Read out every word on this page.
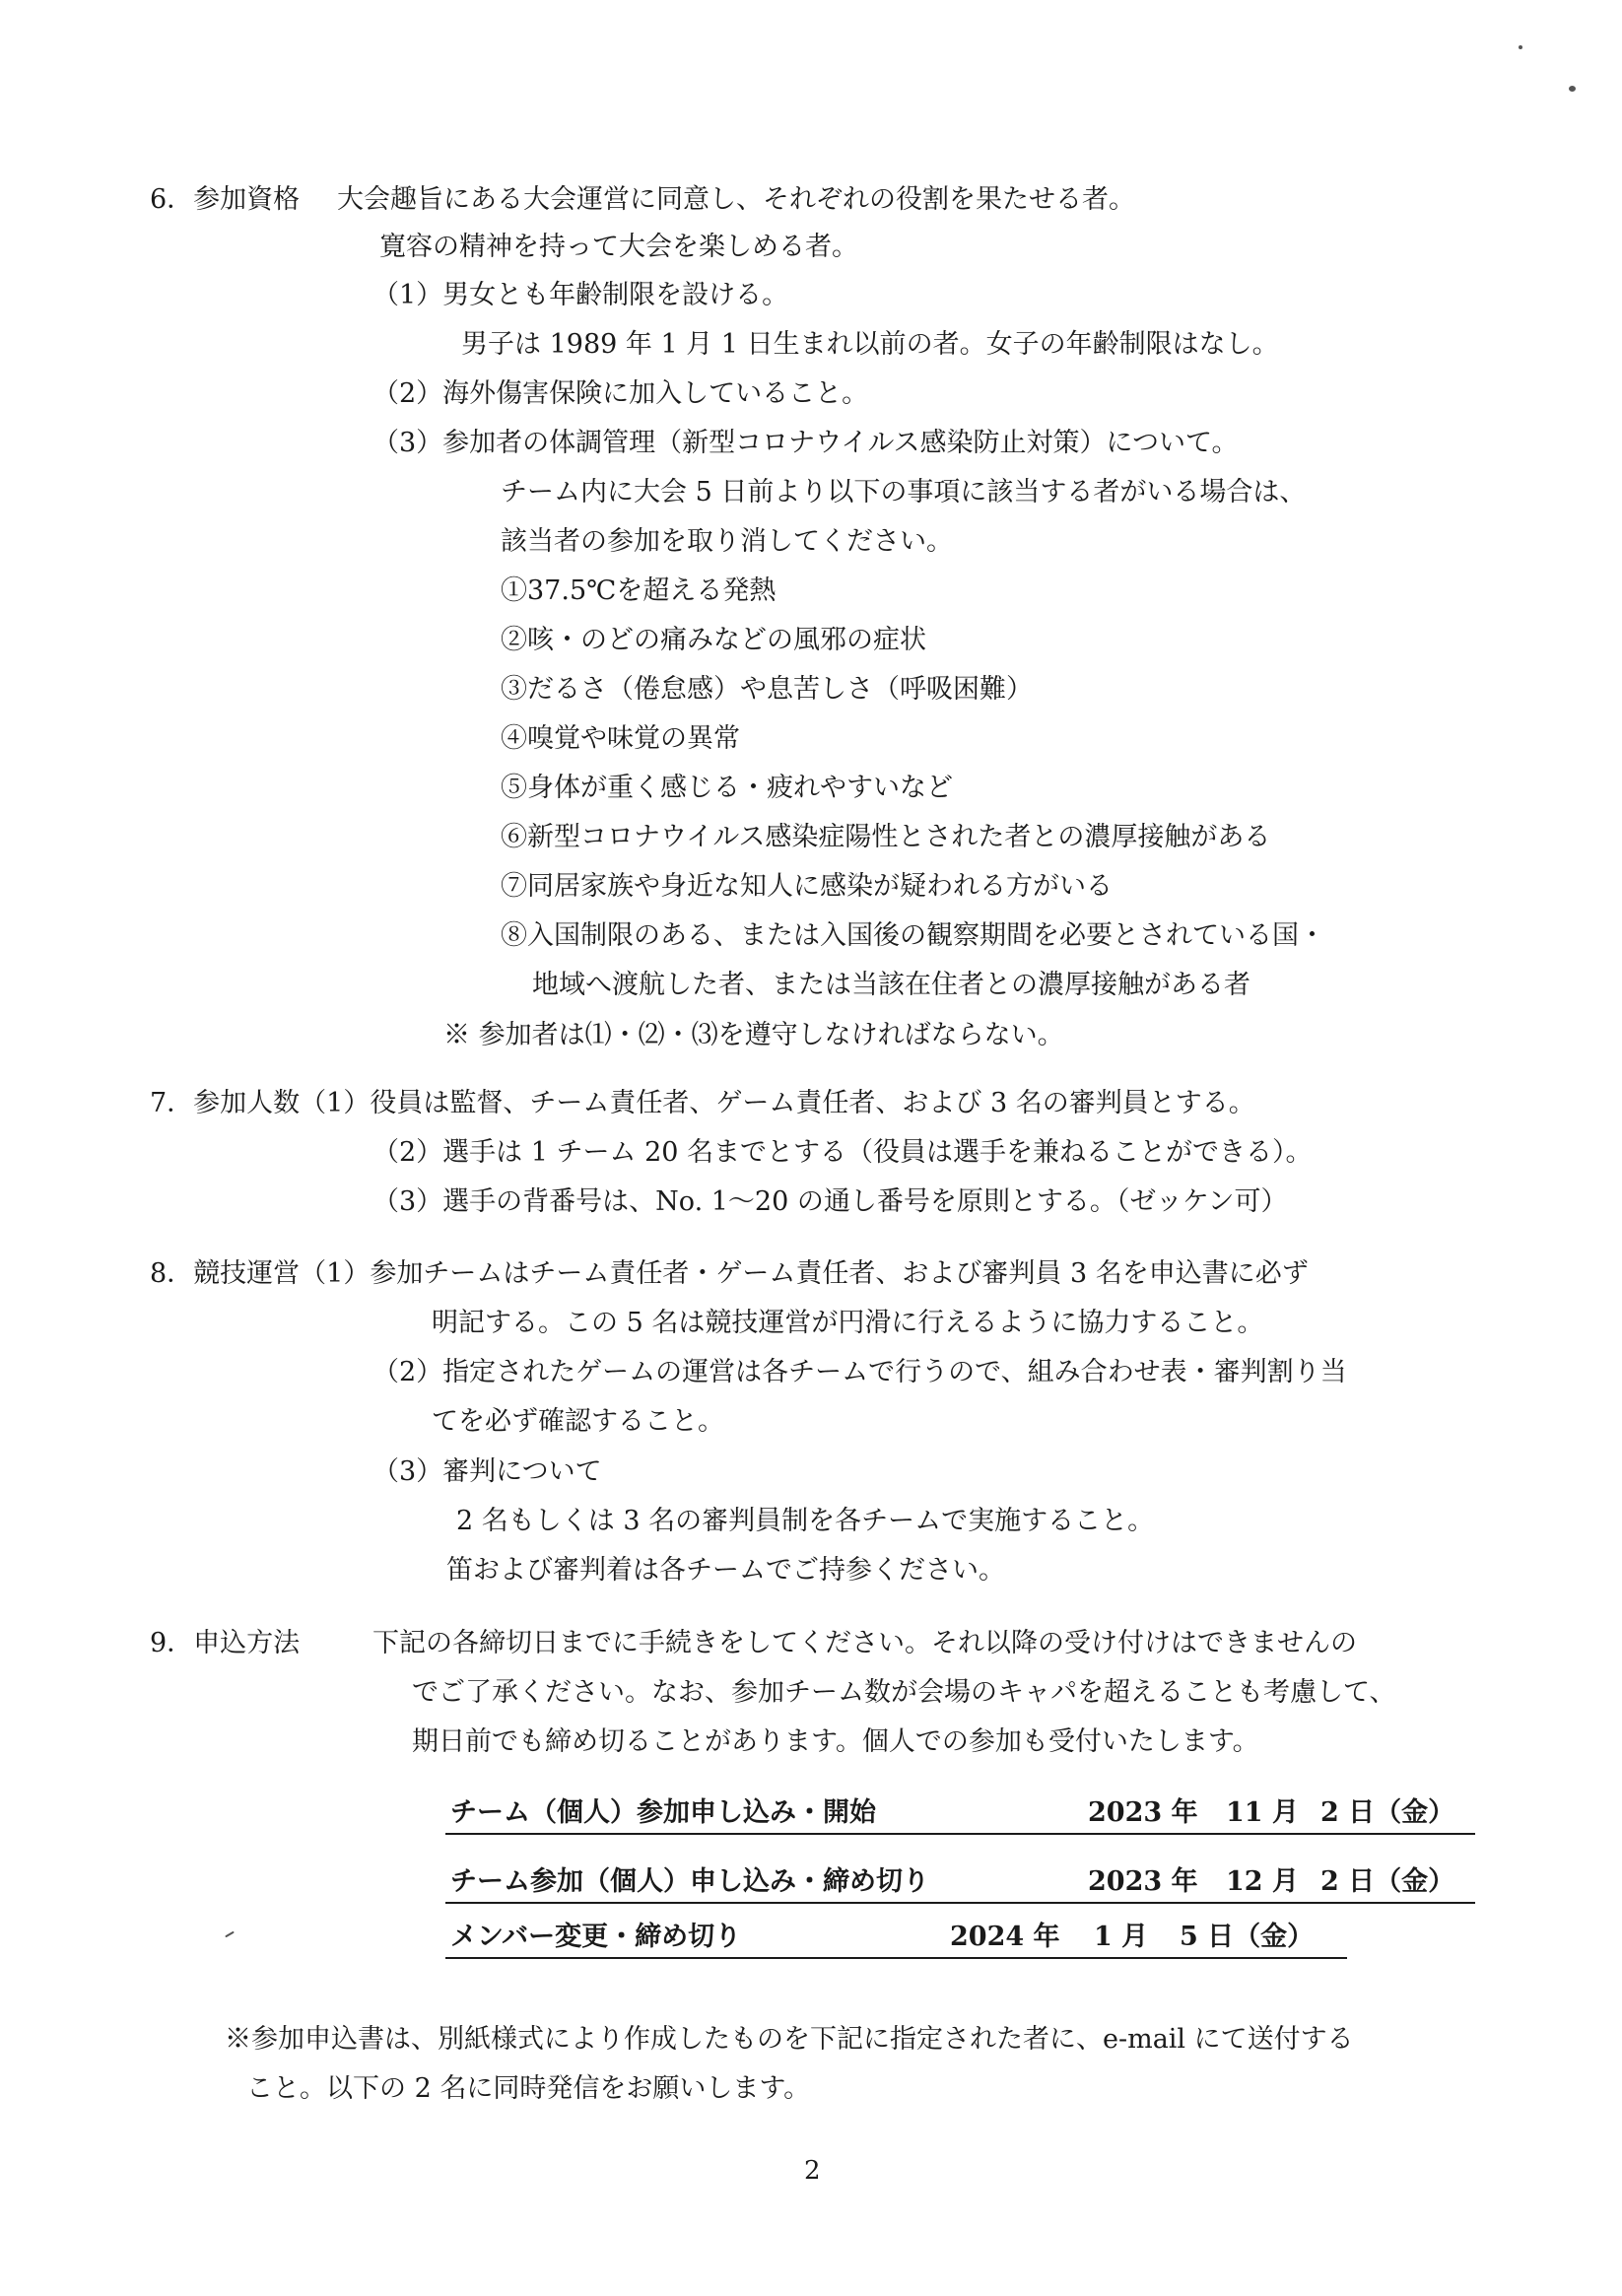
6．参加資格 大会趣旨にある大会運営に同意し、それぞれの役割を果たせる者。
寛容の精神を持って大会を楽しめる者。
（1）男女とも年齢制限を設ける。
男子は 1989 年 1 月 1 日生まれ以前の者。女子の年齢制限はなし。
（2）海外傷害保険に加入していること。
（3）参加者の体調管理（新型コロナウイルス感染防止対策）について。
チーム内に大会 5 日前より以下の事項に該当する者がいる場合は、
該当者の参加を取り消してください。
①37.5℃を超える発熱
②咳・のどの痛みなどの風邪の症状
③だるさ（倦怠感）や息苦しさ（呼吸困難）
④嗅覚や味覚の異常
⑤身体が重く感じる・疲れやすいなど
⑥新型コロナウイルス感染症陽性とされた者との濃厚接触がある
⑦同居家族や身近な知人に感染が疑われる方がいる
⑧入国制限のある、または入国後の観察期間を必要とされている国・
地域へ渡航した者、または当該在住者との濃厚接触がある者
※ 参加者は⑴・⑵・⑶を遵守しなければならない。
7．参加人数（1）役員は監督、チーム責任者、ゲーム責任者、および 3 名の審判員とする。
（2）選手は 1 チーム 20 名までとする（役員は選手を兼ねることができる）。
（3）選手の背番号は、No. 1～20 の通し番号を原則とする。（ゼッケン可）
8．競技運営（1）参加チームはチーム責任者・ゲーム責任者、および審判員 3 名を申込書に必ず
明記する。この 5 名は競技運営が円滑に行えるように協力すること。
（2）指定されたゲームの運営は各チームで行うので、組み合わせ表・審判割り当
てを必ず確認すること。
（3）審判について
2 名もしくは 3 名の審判員制を各チームで実施すること。
笛および審判着は各チームでご持参ください。
9．申込方法	下記の各締切日までに手続きをしてください。それ以降の受け付けはできませんの
でご了承ください。なお、参加チーム数が会場のキャパを超えることも考慮して、
期日前でも締め切ることがあります。個人での参加も受付いたします。
チーム（個人）参加申し込み・開始	2023 年 11 月 2 日（金）
チーム参加（個人）申し込み・締め切り	2023 年 12 月 2 日（金）
メンバー変更・締め切り	2024 年 1 月 5 日（金）
※参加申込書は、別紙様式により作成したものを下記に指定された者に、e-mail にて送付する
こと。以下の 2 名に同時発信をお願いします。
2
